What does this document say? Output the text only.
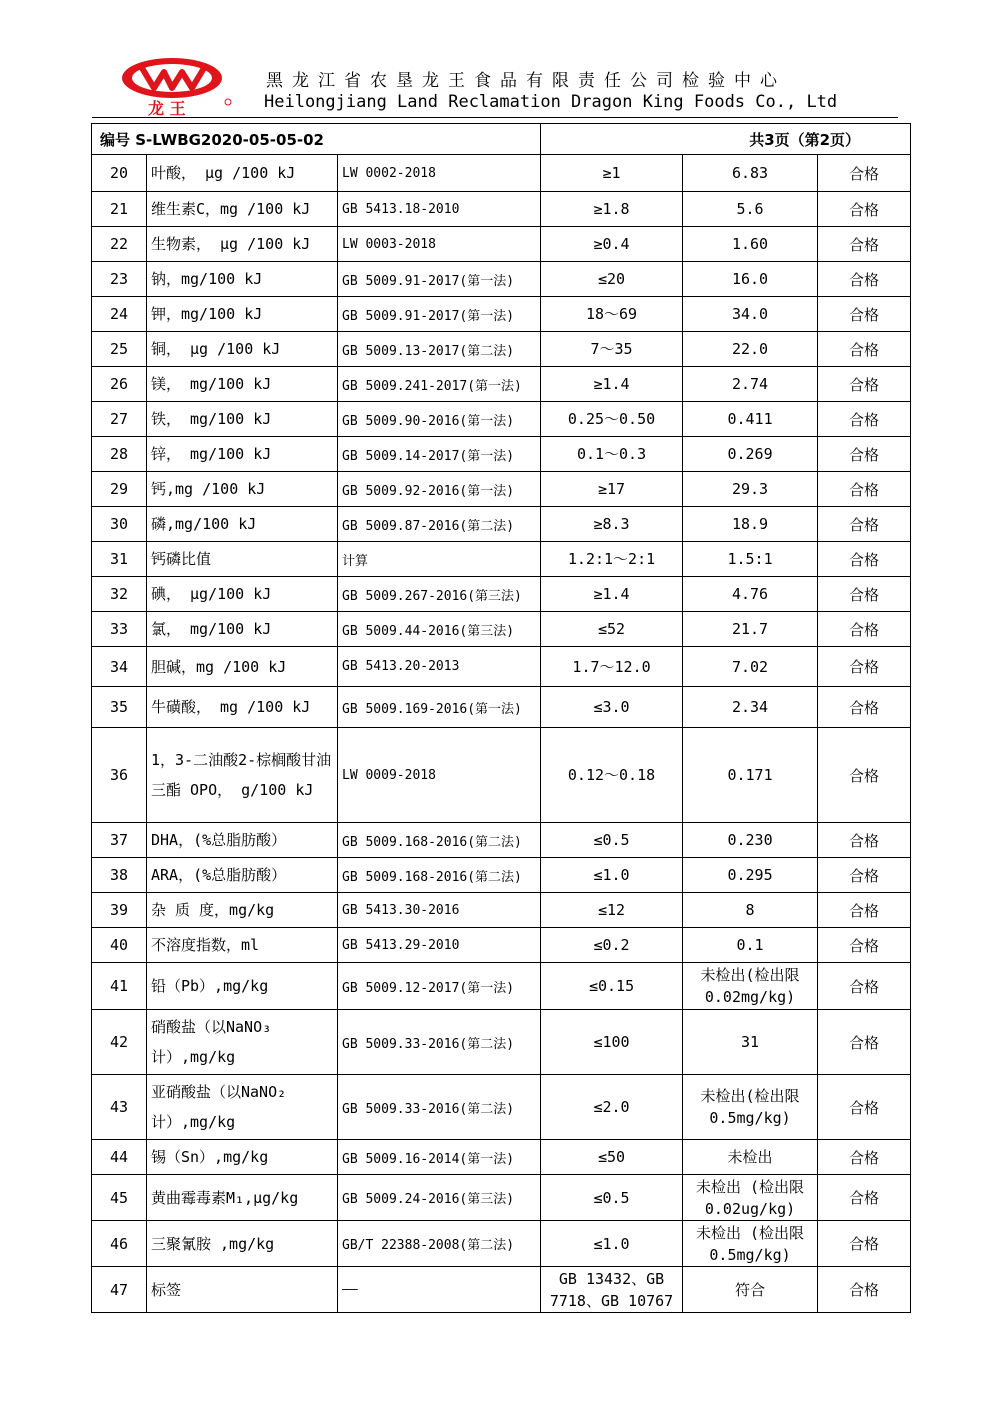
龙 王
黑龙江省农垦龙王食品有限责任公司检验中心
Heilongjiang Land Reclamation Dragon King Foods Co., Ltd
编号 S-LWBG2020-05-05-02			共3页（第2页）		
20	叶酸， μg /100 kJ	LW 0002-2018	≥1	6.83	合格
21	维生素C，mg /100 kJ	GB 5413.18-2010	≥1.8	5.6	合格
22	生物素， μg /100 kJ	LW 0003-2018	≥0.4	1.60	合格
23	钠，mg/100 kJ	GB 5009.91-2017(第一法)	≤20	16.0	合格
24	钾，mg/100 kJ	GB 5009.91-2017(第一法)	18～69	34.0	合格
25	铜， μg /100 kJ	GB 5009.13-2017(第二法)	7～35	22.0	合格
26	镁， mg/100 kJ	GB 5009.241-2017(第一法)	≥1.4	2.74	合格
27	铁， mg/100 kJ	GB 5009.90-2016(第一法)	0.25～0.50	0.411	合格
28	锌， mg/100 kJ	GB 5009.14-2017(第一法)	0.1～0.3	0.269	合格
29	钙,mg /100 kJ	GB 5009.92-2016(第一法)	≥17	29.3	合格
30	磷,mg/100 kJ	GB 5009.87-2016(第二法)	≥8.3	18.9	合格
31	钙磷比值	计算	1.2:1～2:1	1.5:1	合格
32	碘， μg/100 kJ	GB 5009.267-2016(第三法)	≥1.4	4.76	合格
33	氯， mg/100 kJ	GB 5009.44-2016(第三法)	≤52	21.7	合格
34	胆碱，mg /100 kJ	GB 5413.20-2013	1.7～12.0	7.02	合格
35	牛磺酸， mg /100 kJ	GB 5009.169-2016(第一法)	≤3.0	2.34	合格
36	1，3-二油酸2-棕榈酸甘油三酯 OPO， g/100 kJ	LW 0009-2018	0.12～0.18	0.171	合格
37	DHA，(%总脂肪酸）	GB 5009.168-2016(第二法)	≤0.5	0.230	合格
38	ARA，(%总脂肪酸）	GB 5009.168-2016(第二法)	≤1.0	0.295	合格
39	杂 质 度，mg/kg	GB 5413.30-2016	≤12	8	合格
40	不溶度指数，ml	GB 5413.29-2010	≤0.2	0.1	合格
41	铅（Pb）,mg/kg	GB 5009.12-2017(第一法)	≤0.15	未检出(检出限0.02mg/kg)	合格
42	硝酸盐（以NaNO₃计）,mg/kg	GB 5009.33-2016(第二法)	≤100	31	合格
43	亚硝酸盐（以NaNO₂计）,mg/kg	GB 5009.33-2016(第二法)	≤2.0	未检出(检出限0.5mg/kg)	合格
44	锡（Sn）,mg/kg	GB 5009.16-2014(第一法)	≤50	未检出	合格
45	黄曲霉毒素M₁,μg/kg	GB 5009.24-2016(第三法)	≤0.5	未检出 (检出限0.02ug/kg)	合格
46	三聚氰胺 ,mg/kg	GB/T 22388-2008(第二法)	≤1.0	未检出 (检出限0.5mg/kg)	合格
47	标签	——	GB 13432、GB 7718、GB 10767	符合	合格
